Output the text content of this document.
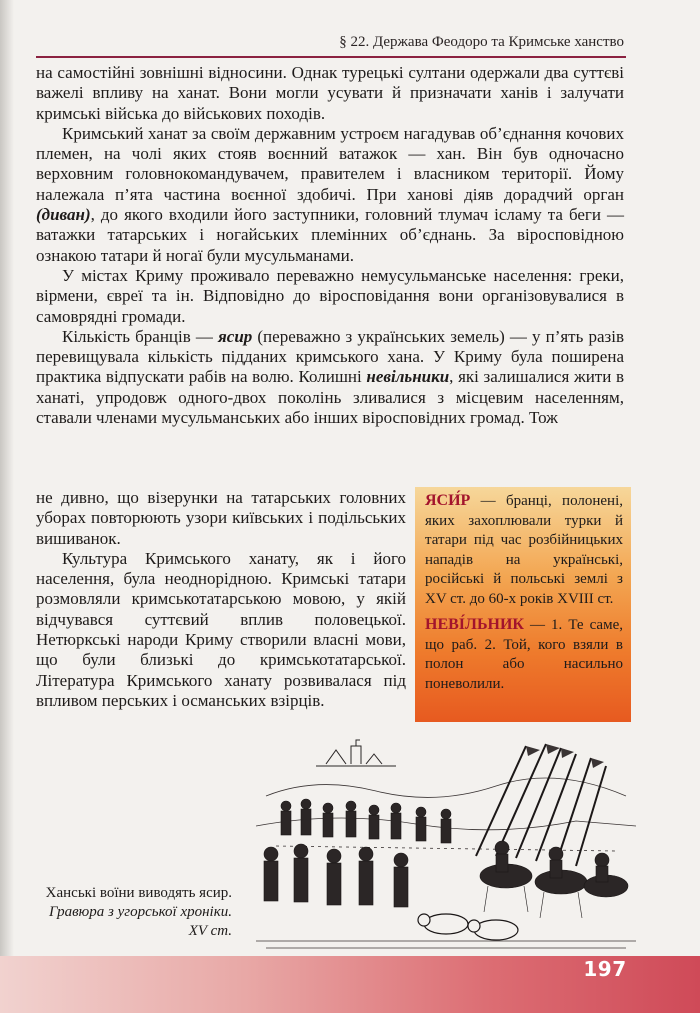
§ 22. Держава Феодоро та Кримське ханство

на самостійні зовнішні відносини. Однак турецькі султани одержали два суттєві важелі впливу на ханат. Вони могли усувати й призначати ханів і залучати кримські війська до військових походів.

Кримський ханат за своїм державним устроєм нагадував об’єднання кочових племен, на чолі яких стояв воєнний ватажок — хан. Він був одночасно верховним головнокомандувачем, правителем і власником території. Йому належала п’ята частина воєнної здобичі. При ханові діяв дорадчий орган (диван), до якого входили його заступники, головний тлумач ісламу та беги — ватажки татарських і ногайських племінних об’єднань. За віросповідною ознакою татари й ногаї були мусульманами.

У містах Криму проживало переважно немусульманське населення: греки, вірмени, євреї та ін. Відповідно до віросповідання вони організовувалися в самоврядні громади.

Кількість бранців — ясир (переважно з українських земель) — у п’ять разів перевищувала кількість підданих кримського хана. У Криму була поширена практика відпускати рабів на волю. Колишні невільники, які залишалися жити в ханаті, упродовж одного-двох поколінь зливалися з місцевим населенням, ставали членами мусульманських або інших віросповідних громад. Тож

не дивно, що візерунки на татарських головних уборах повторюють узори київських і подільських вишиванок.

Культура Кримського ханату, як і його населення, була неоднорідною. Кримські татари розмовляли кримськотатарською мовою, у якій відчувався суттєвий вплив половецької. Нетюркські народи Криму створили власні мови, що були близькі до кримськотатарської. Література Кримського ханату розвивалася під впливом перських і османських взірців.

ЯСИ́Р — бранці, полонені, яких захоплювали турки й татари під час розбійницьких нападів на українські, російські й польські землі з XV ст. до 60-х років XVIII ст.

НЕВІ́ЛЬНИК — 1. Те саме, що раб. 2. Той, кого взяли в полон або насильно поневолили.

Ханські воїни виводять ясир. Гравюра з угорської хроніки. XV ст.
197
